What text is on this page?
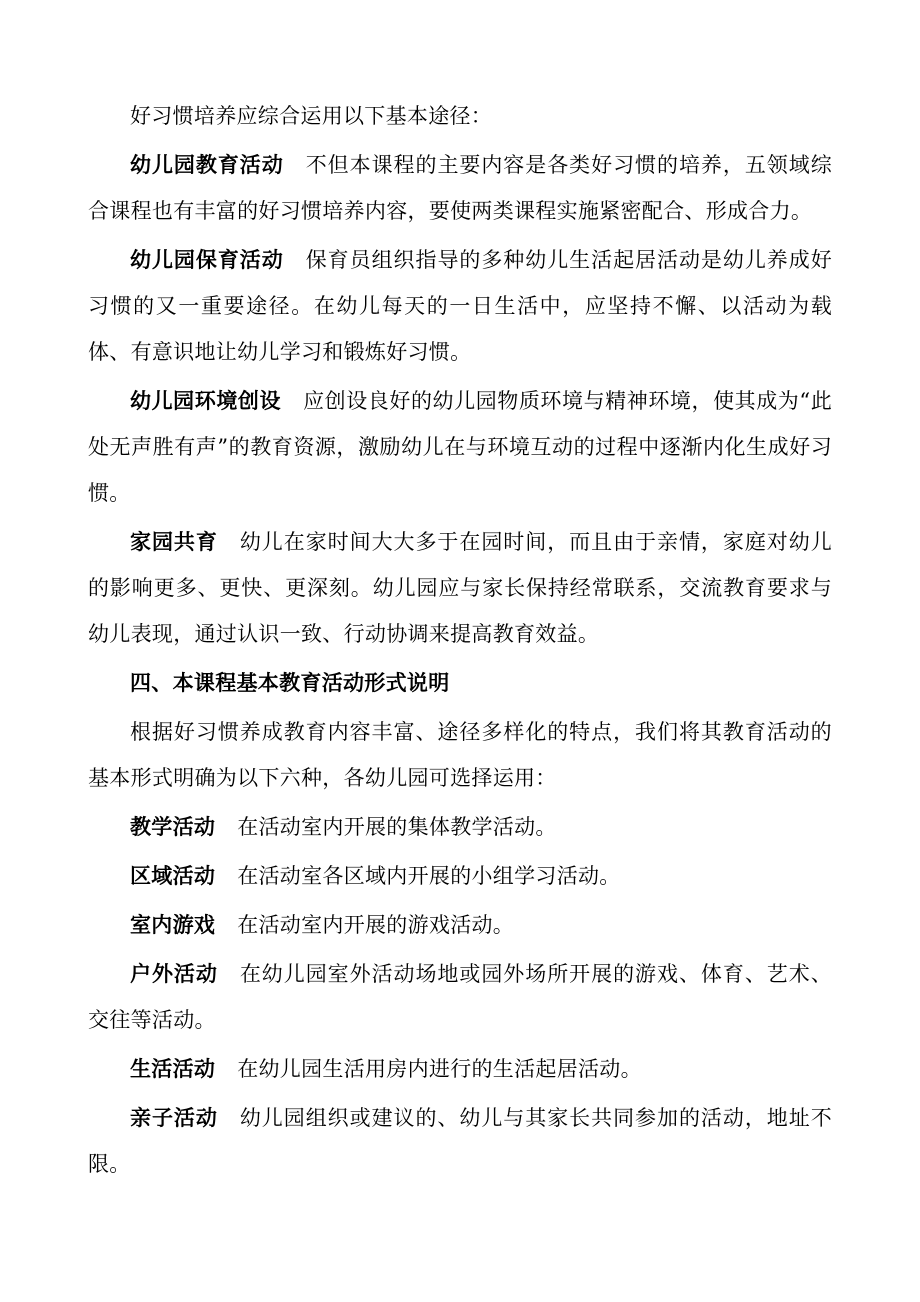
好习惯培养应综合运用以下基本途径：

幼儿园教育活动 不但本课程的主要内容是各类好习惯的培养，五领域综合课程也有丰富的好习惯培养内容，要使两类课程实施紧密配合、形成合力。

幼儿园保育活动 保育员组织指导的多种幼儿生活起居活动是幼儿养成好习惯的又一重要途径。在幼儿每天的一日生活中，应坚持不懈、以活动为载体、有意识地让幼儿学习和锻炼好习惯。

幼儿园环境创设 应创设良好的幼儿园物质环境与精神环境，使其成为“此处无声胜有声”的教育资源，激励幼儿在与环境互动的过程中逐渐内化生成好习惯。

家园共育 幼儿在家时间大大多于在园时间，而且由于亲情，家庭对幼儿的影响更多、更快、更深刻。幼儿园应与家长保持经常联系，交流教育要求与幼儿表现，通过认识一致、行动协调来提高教育效益。

四、本课程基本教育活动形式说明

根据好习惯养成教育内容丰富、途径多样化的特点，我们将其教育活动的基本形式明确为以下六种，各幼儿园可选择运用：

教学活动 在活动室内开展的集体教学活动。

区域活动 在活动室各区域内开展的小组学习活动。

室内游戏 在活动室内开展的游戏活动。

户外活动 在幼儿园室外活动场地或园外场所开展的游戏、体育、艺术、交往等活动。

生活活动 在幼儿园生活用房内进行的生活起居活动。

亲子活动 幼儿园组织或建议的、幼儿与其家长共同参加的活动，地址不限。
